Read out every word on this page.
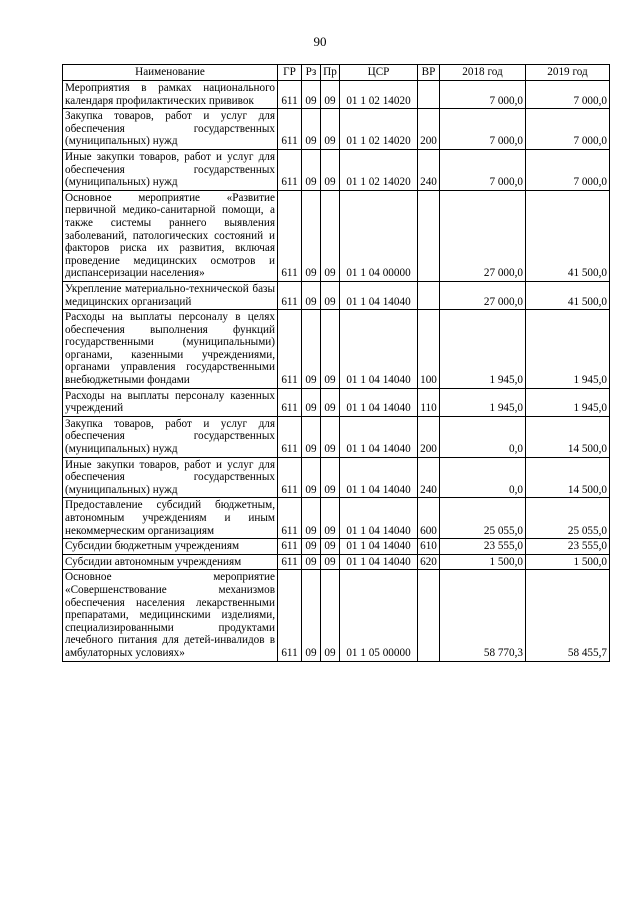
90
Наименование	ГР	Рз	Пр	ЦСР	ВР	2018 год	2019 год
Мероприятия в рамках национального календаря профилактических прививок	611	09	09	01 1 02 14020		7 000,0	7 000,0
Закупка товаров, работ и услуг для обеспечения государственных (муниципальных) нужд	611	09	09	01 1 02 14020	200	7 000,0	7 000,0
Иные закупки товаров, работ и услуг для обеспечения государственных (муниципальных) нужд	611	09	09	01 1 02 14020	240	7 000,0	7 000,0
Основное мероприятие «Развитие первичной медико-санитарной помощи, а также системы раннего выявления заболеваний, патологических состояний и факторов риска их развития, включая проведение медицинских осмотров и диспансеризации населения»	611	09	09	01 1 04 00000		27 000,0	41 500,0
Укрепление материально-технической базы медицинских организаций	611	09	09	01 1 04 14040		27 000,0	41 500,0
Расходы на выплаты персоналу в целях обеспечения выполнения функций государственными (муниципальными) органами, казенными учреждениями, органами управления государственными внебюджетными фондами	611	09	09	01 1 04 14040	100	1 945,0	1 945,0
Расходы на выплаты персоналу казенных учреждений	611	09	09	01 1 04 14040	110	1 945,0	1 945,0
Закупка товаров, работ и услуг для обеспечения государственных (муниципальных) нужд	611	09	09	01 1 04 14040	200	0,0	14 500,0
Иные закупки товаров, работ и услуг для обеспечения государственных (муниципальных) нужд	611	09	09	01 1 04 14040	240	0,0	14 500,0
Предоставление субсидий бюджетным, автономным учреждениям и иным некоммерческим организациям	611	09	09	01 1 04 14040	600	25 055,0	25 055,0
Субсидии бюджетным учреждениям	611	09	09	01 1 04 14040	610	23 555,0	23 555,0
Субсидии автономным учреждениям	611	09	09	01 1 04 14040	620	1 500,0	1 500,0
Основное мероприятие «Совершенствование механизмов обеспечения населения лекарственными препаратами, медицинскими изделиями, специализированными продуктами лечебного питания для детей-инвалидов в амбулаторных условиях»	611	09	09	01 1 05 00000		58 770,3	58 455,7
